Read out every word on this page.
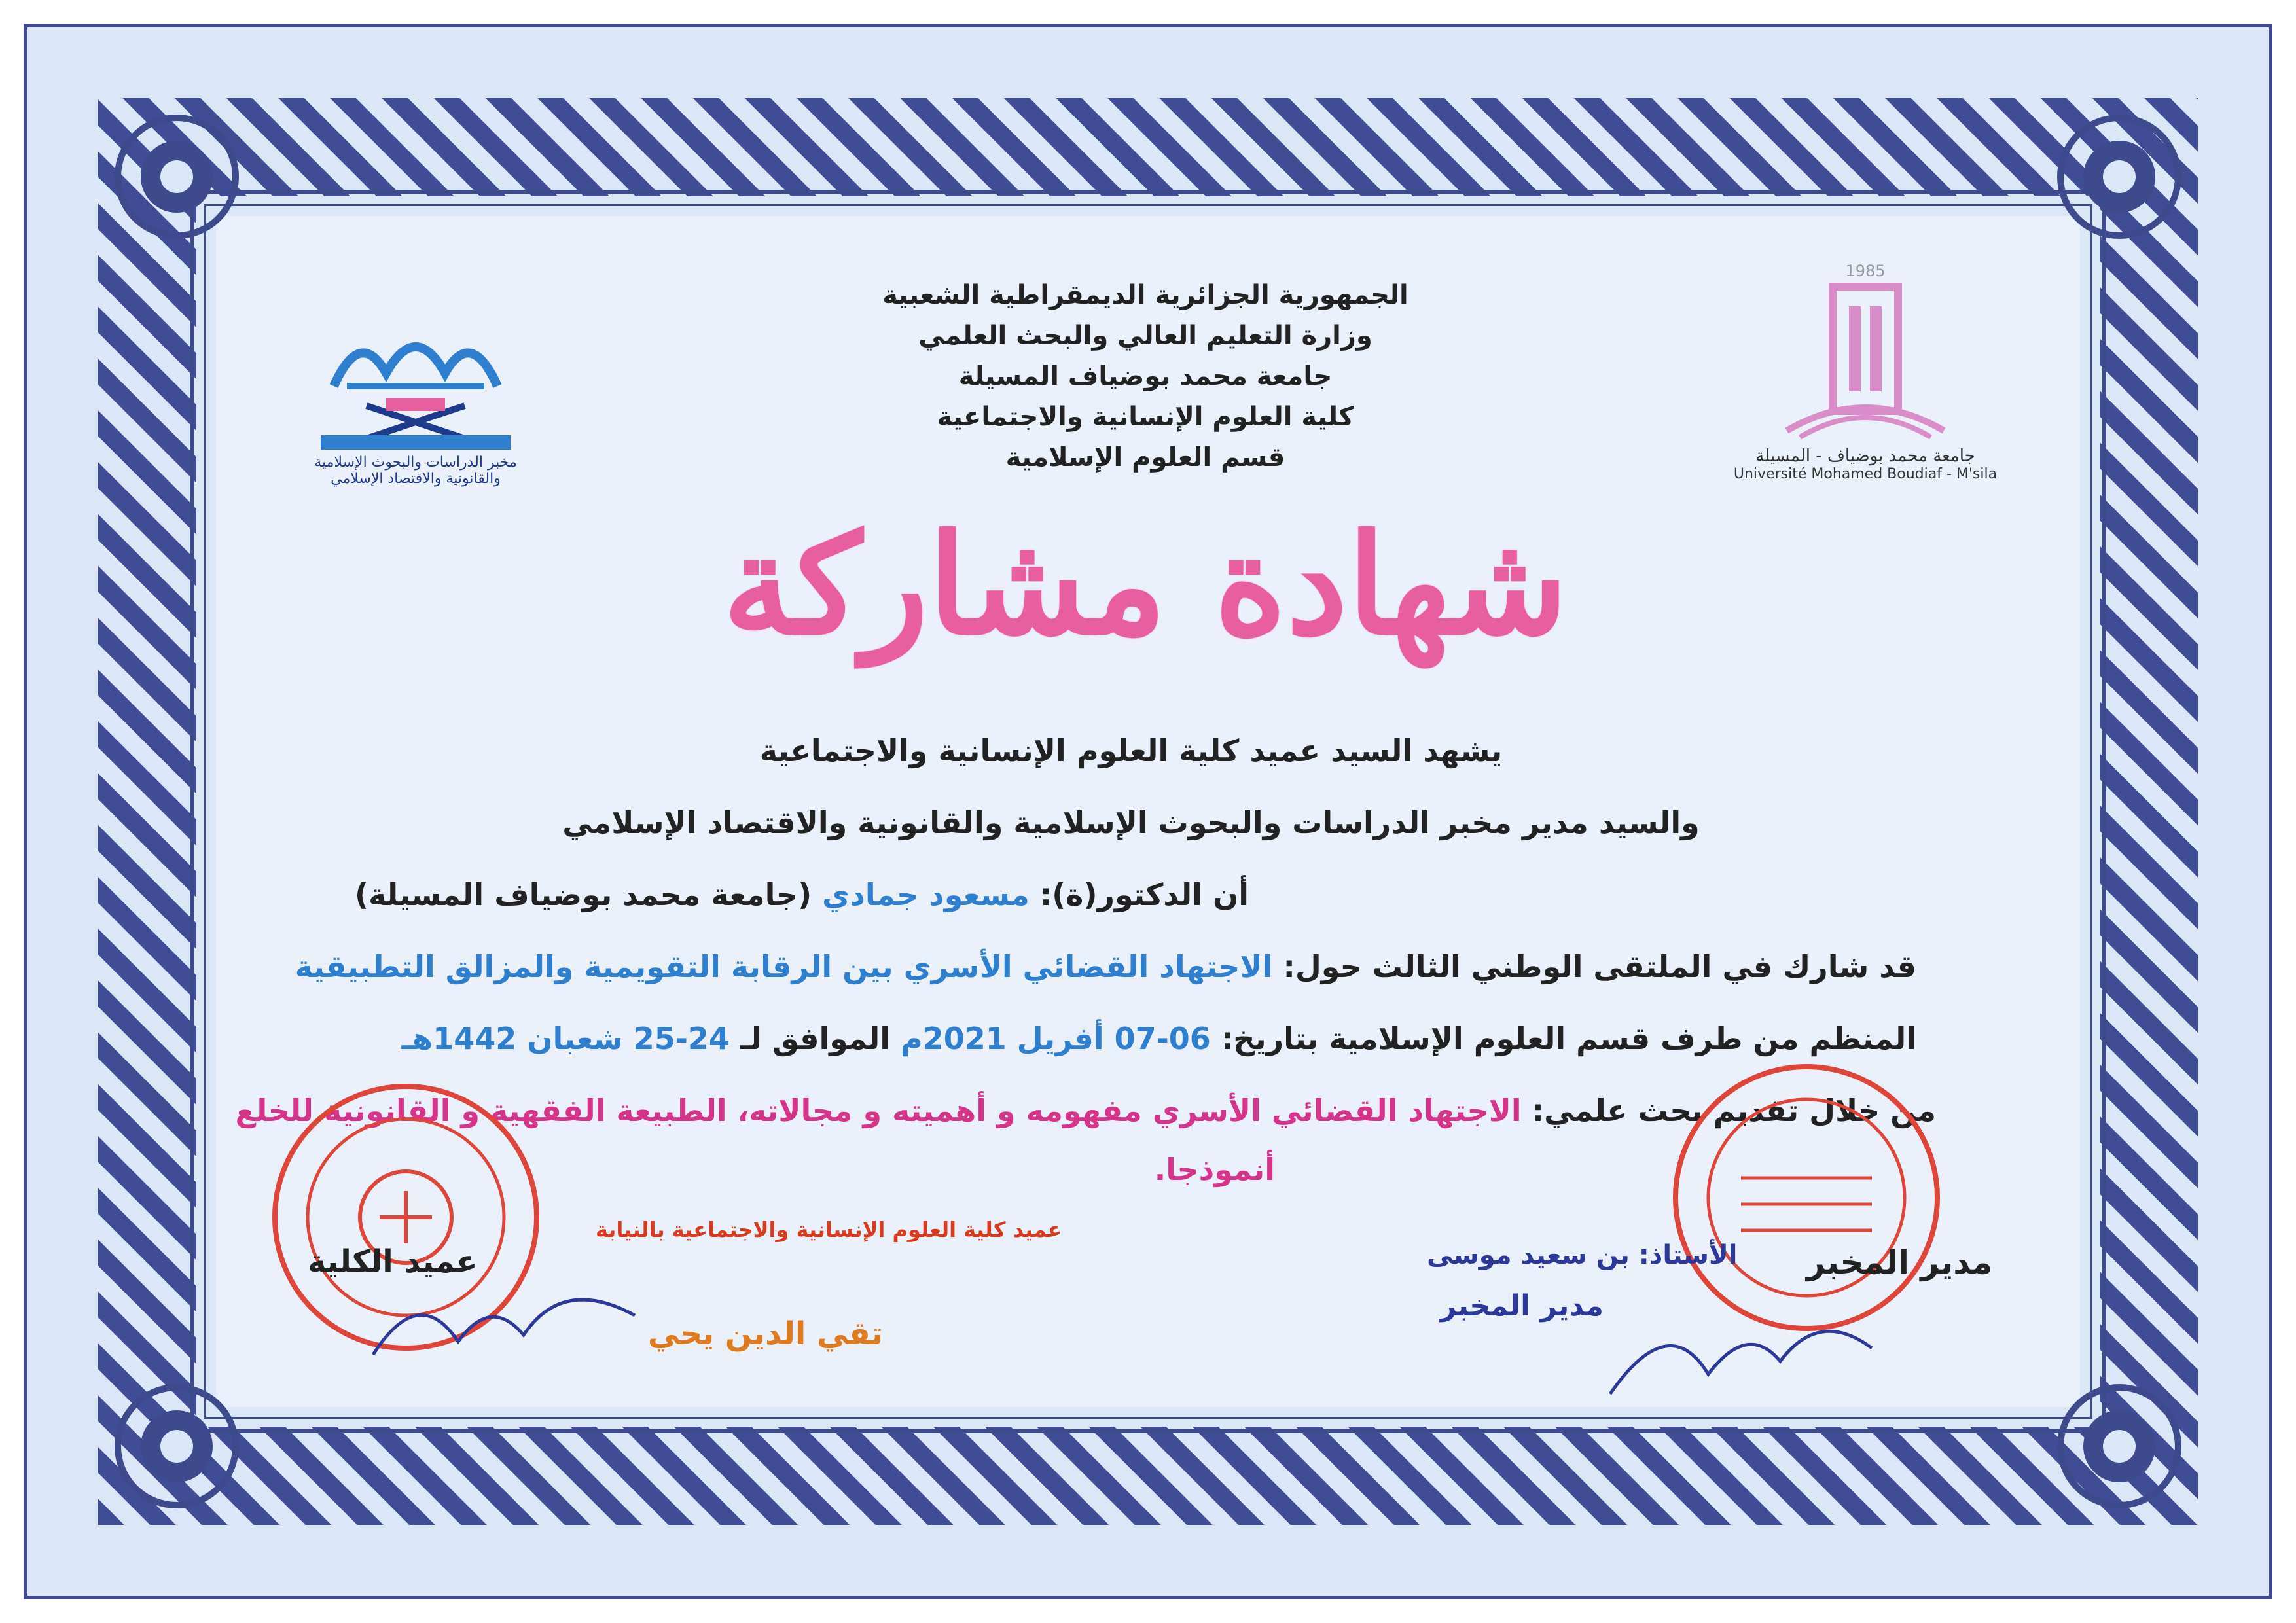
مخبر الدراسات والبحوث الإسلامية
والقانونية والاقتصاد الإسلامي
1985
جامعة محمد بوضياف - المسيلة
Université Mohamed Boudiaf - M'sila
الجمهورية الجزائرية الديمقراطية الشعبية
وزارة التعليم العالي والبحث العلمي
جامعة محمد بوضياف المسيلة
كلية العلوم الإنسانية والاجتماعية
قسم العلوم الإسلامية
شهادة مشاركة
يشهد السيد عميد كلية العلوم الإنسانية والاجتماعية
والسيد مدير مخبر الدراسات والبحوث الإسلامية والقانونية والاقتصاد الإسلامي
أن الدكتور(ة): مسعود جمادي (جامعة محمد بوضياف المسيلة)
قد شارك في الملتقى الوطني الثالث حول: الاجتهاد القضائي الأسري بين الرقابة التقويمية والمزالق التطبيقية
المنظم من طرف قسم العلوم الإسلامية بتاريخ: 06-07 أفريل 2021م الموافق لـ 24-25 شعبان 1442هـ
من خلال تقديم بحث علمي: الاجتهاد القضائي الأسري مفهومه و أهميته و مجالاته، الطبيعة الفقهية و القانونية للخلع
أنموذجا.
عميد الكلية
عميد كلية العلوم الإنسانية والاجتماعية بالنيابة
تقي الدين يحي
مدير المخبر
الأستاذ: بن سعيد موسى
مدير المخبر
